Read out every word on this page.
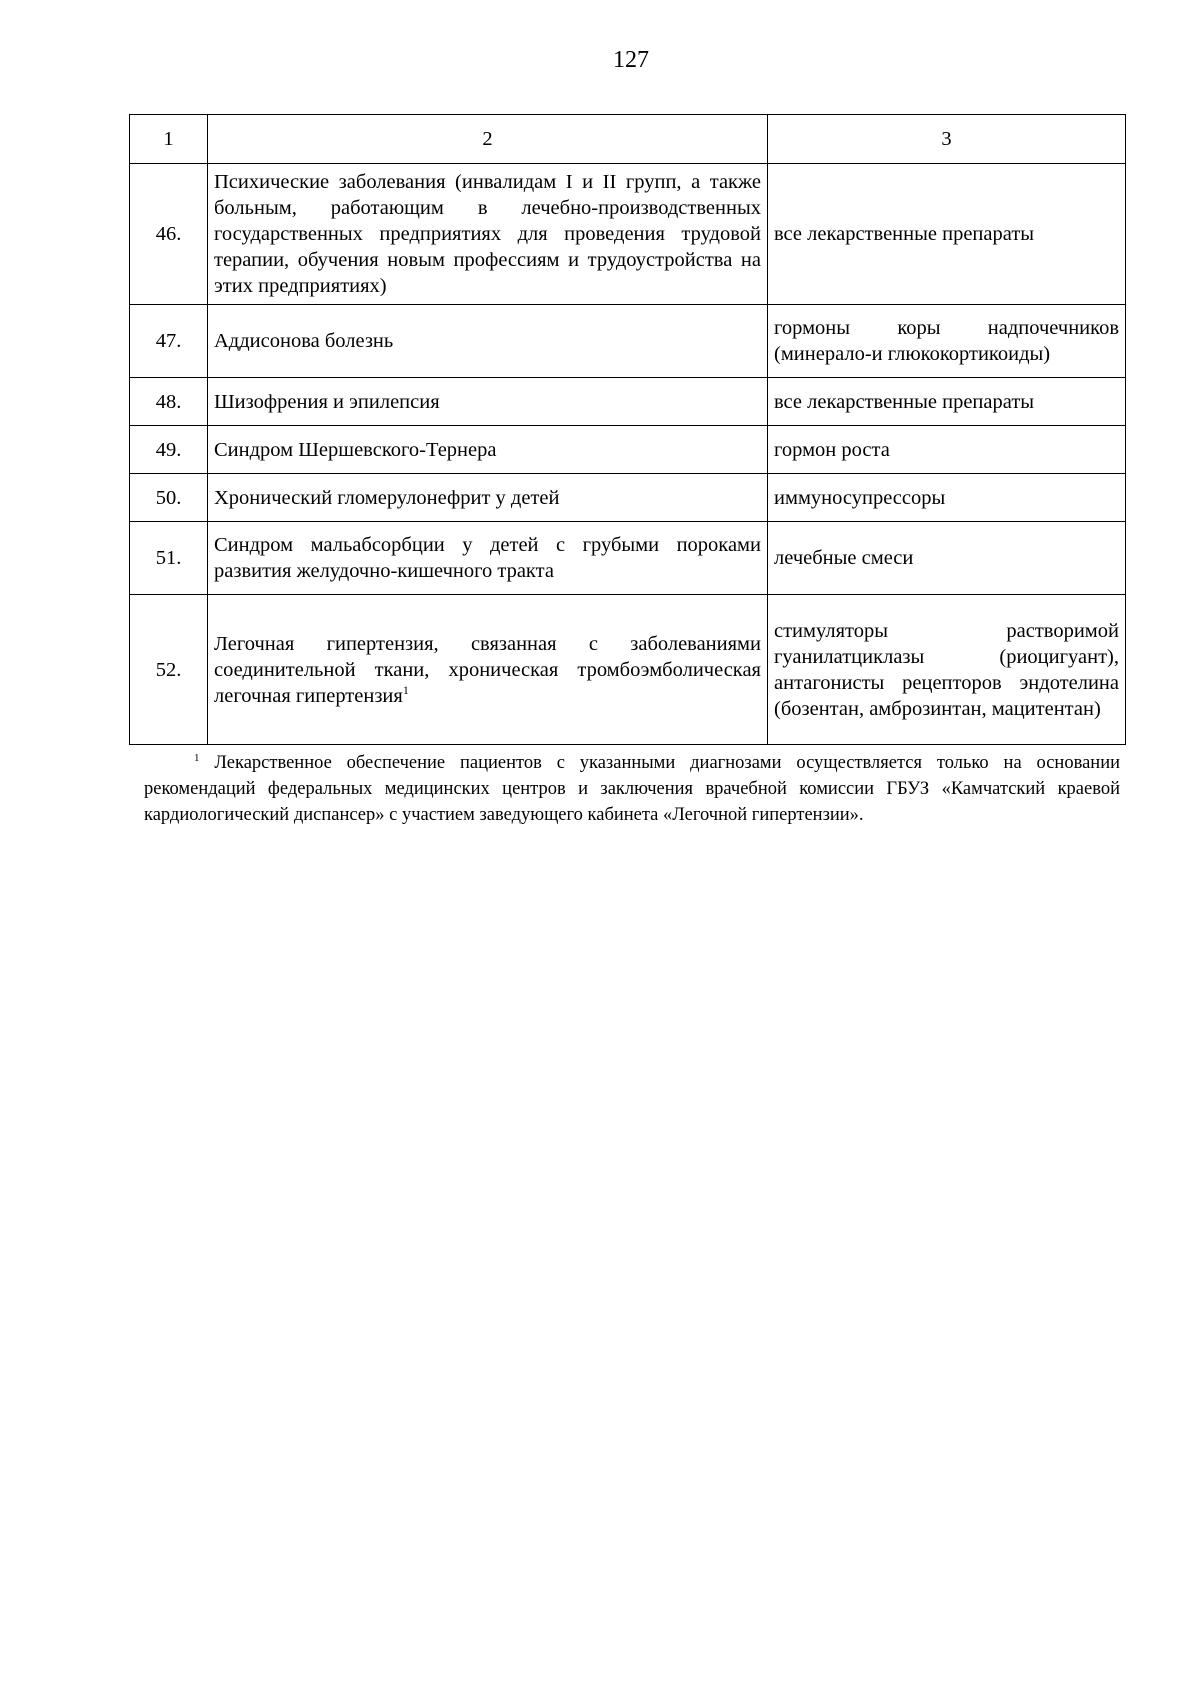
127
1	2	3
46.	Психические заболевания (инвалидам I и II групп, а также больным, работающим в лечебно-производственных государственных предприятиях для проведения трудовой терапии, обучения новым профессиям и трудоустройства на этих предприятиях)	все лекарственные препараты
47.	Аддисонова болезнь	гормоны коры надпочечников (минерало-и глюкокортикоиды)
48.	Шизофрения и эпилепсия	все лекарственные препараты
49.	Синдром Шершевского-Тернера	гормон роста
50.	Хронический гломерулонефрит у детей	иммуносупрессоры
51.	Синдром мальабсорбции у детей с грубыми пороками развития желудочно-кишечного тракта	лечебные смеси
52.	Легочная гипертензия, связанная с заболеваниями соединительной ткани, хроническая тромбоэмболическая легочная гипертензия$^1$	стимуляторы растворимой гуанилатциклазы (риоцигуант), антагонисты рецепторов эндотелина (бозентан, амброзинтан, мацитентан)
$^1$ Лекарственное обеспечение пациентов с указанными диагнозами осуществляется только на основании рекомендаций федеральных медицинских центров и заключения врачебной комиссии ГБУЗ «Камчатский краевой кардиологический диспансер» с участием заведующего кабинета «Легочной гипертензии».
